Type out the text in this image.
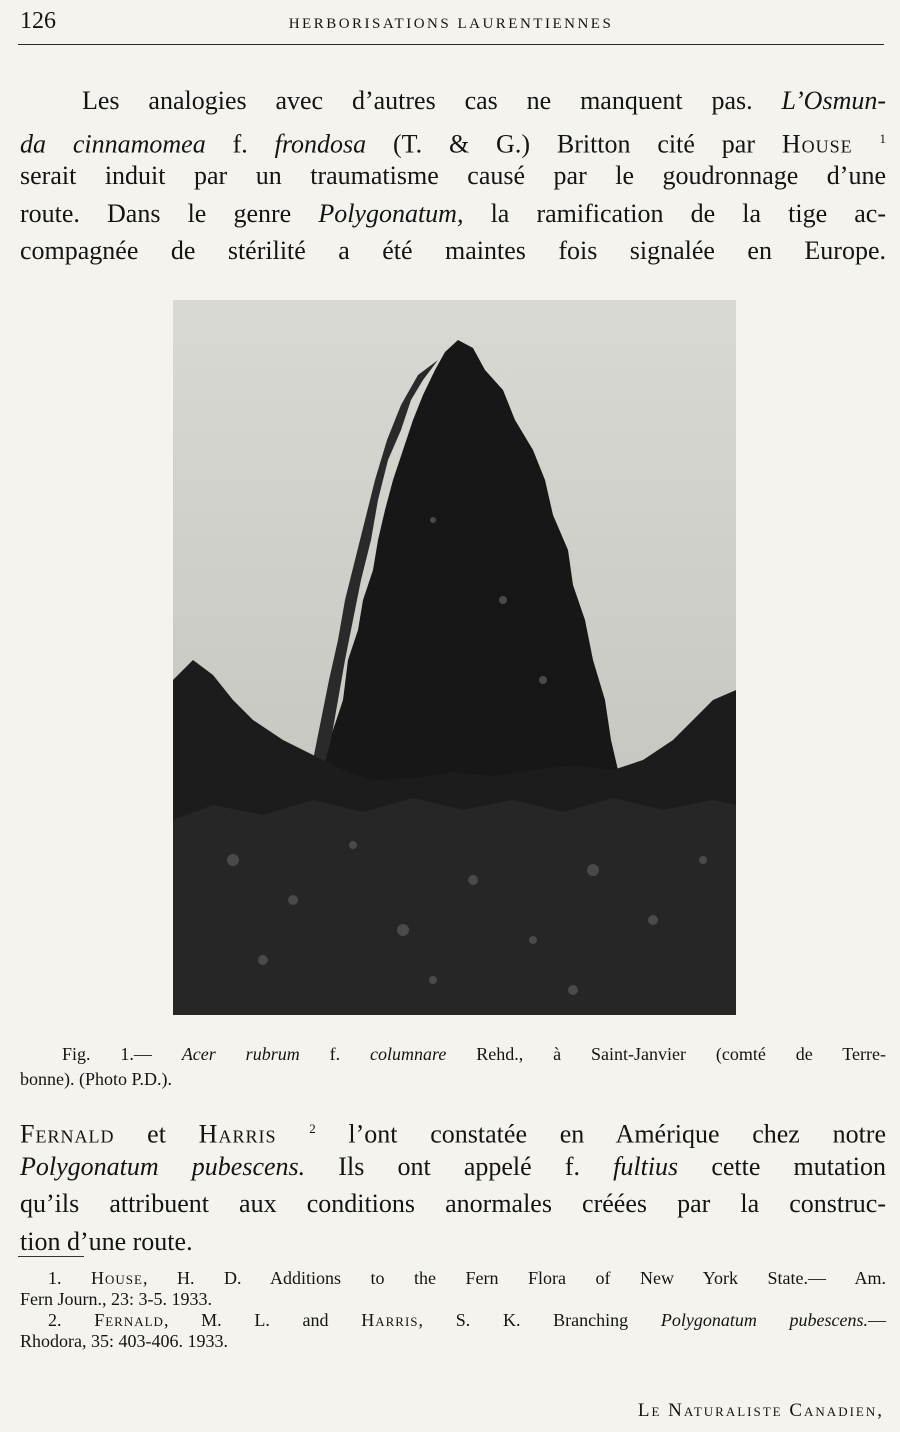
126	HERBORISATIONS LAURENTIENNES
Les analogies avec d’autres cas ne manquent pas. L’Osmun-
da cinnamomea f. frondosa (T. & G.) Britton cité par House $^1$
serait induit par un traumatisme causé par le goudronnage d’une
route. Dans le genre Polygonatum, la ramification de la tige ac-
compagnée de stérilité a été maintes fois signalée en Europe.
Fig. 1.— Acer rubrum f. columnare Rehd., à Saint-Janvier (comté de Terre-
bonne). (Photo P.D.).
Fernald et Harris	$^2$ l’ont constatée en Amérique chez notre
Polygonatum pubescens. Ils ont appelé f. fultius cette mutation
qu’ils attribuent aux conditions anormales créées par la construc-
tion d’une route.
1. House, H. D. Additions to the Fern Flora of New York State.— Am.
Fern Journ., 23: 3-5. 1933.
2. Fernald, M. L. and Harris, S. K. Branching Polygonatum pubescens.—
Rhodora, 35: 403-406. 1933.
Le Naturaliste Canadien,
